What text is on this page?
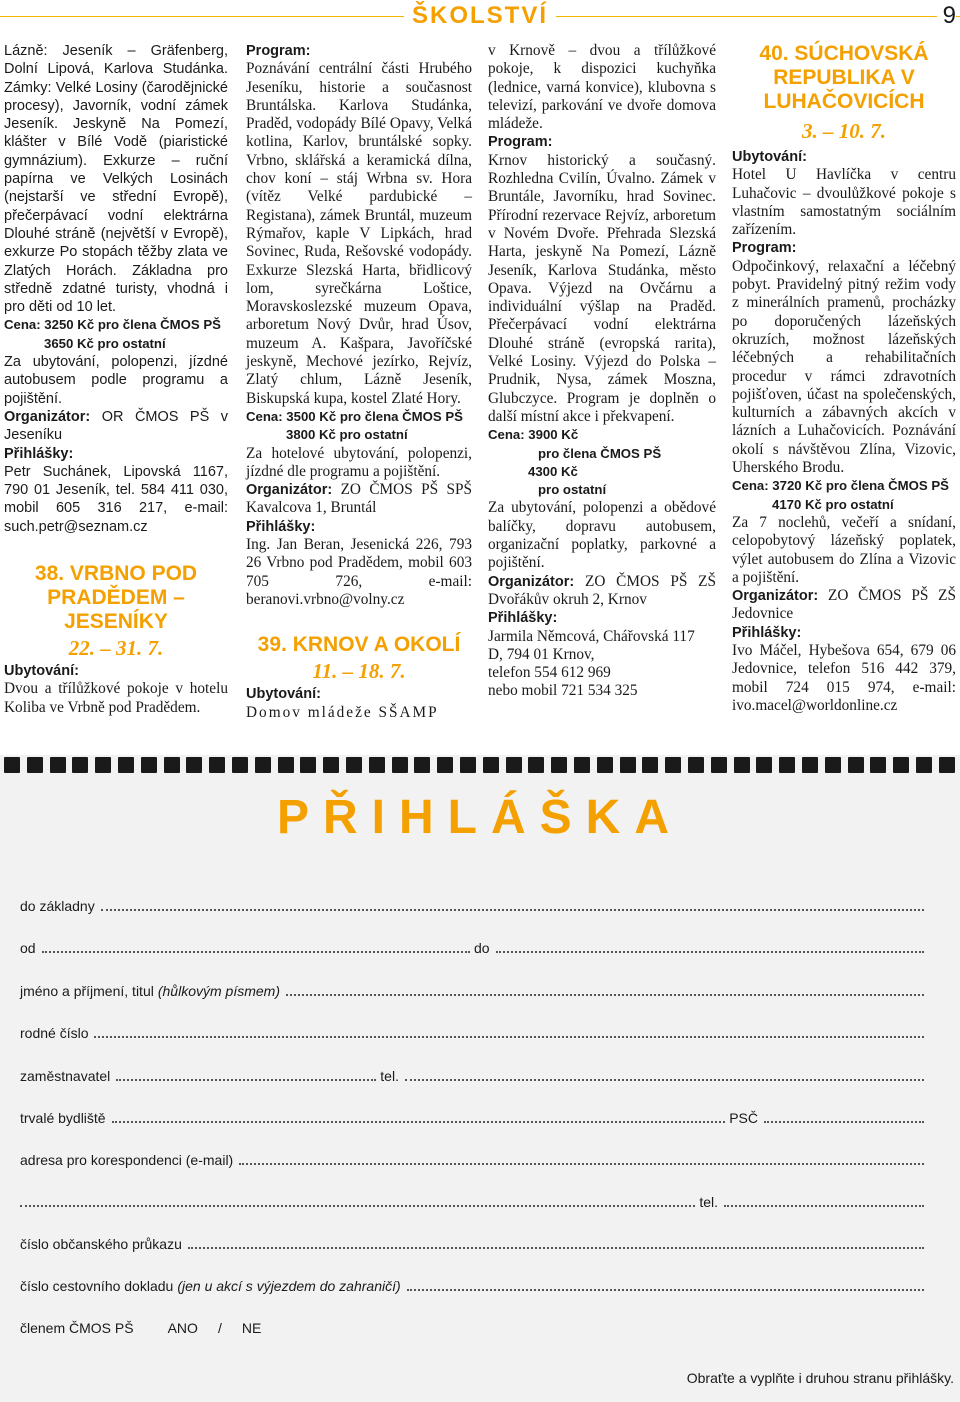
ŠKOLSTVÍ	9

Lázně: Jeseník – Gräfenberg, Dolní Lipová, Karlova Studánka. Zámky: Velké Losiny (čarodějnické procesy), Javorník, vodní zámek Jeseník. Jeskyně Na Pomezí, klášter v Bílé Vodě (piaristické gymnázium). Exkurze – ruční papírna ve Velkých Losinách (nejstarší ve střední Evropě), přečerpávací vodní elektrárna Dlouhé stráně (největší v Evropě), exkurze Po stopách těžby zlata ve Zlatých Horách. Základna pro středně zdatné turisty, vhodná i pro děti od 10 let.

Cena: 3250 Kč pro člena ČMOS PŠ

3650 Kč pro ostatní

Za ubytování, polopenzi, jízdné autobusem podle programu a pojištění.

Organizátor: OR ČMOS PŠ v Jeseníku

Přihlášky:

Petr Suchánek, Lipovská 1167, 790 01 Jeseník, tel. 584 411 030, mobil 605 316 217, e-mail: such.petr@seznam.cz

38. VRBNO POD PRADĚDEM – JESENÍKY

22. – 31. 7.

Ubytování:

Dvou a třílůžkové pokoje v hotelu Koliba ve Vrbně pod Pradědem.

Program:

Poznávání centrální části Hrubého Jeseníku, historie a současnost Bruntálska. Karlova Studánka, Praděd, vodopády Bílé Opavy, Velká kotlina, Karlov, bruntálské sopky. Vrbno, sklářská a keramická dílna, chov koní – stáj Wrbna sv. Hora (vítěz Velké pardubické – Registana), zámek Bruntál, muzeum Rýmařov, kaple V Lipkách, hrad Sovinec, Ruda, Rešovské vodopády. Exkurze Slezská Harta, břidlicový lom, syrečkárna Loštice, Moravskoslezské muzeum Opava, arboretum Nový Dvůr, hrad Úsov, muzeum A. Kašpara, Javoříčské jeskyně, Mechové jezírko, Rejvíz, Zlatý chlum, Lázně Jeseník, Biskupská kupa, kostel Zlaté Hory.

Cena: 3500 Kč pro člena ČMOS PŠ

3800 Kč pro ostatní

Za hotelové ubytování, polopenzi, jízdné dle programu a pojištění.

Organizátor: ZO ČMOS PŠ SPŠ Kavalcova 1, Bruntál

Přihlášky:

Ing. Jan Beran, Jesenická 226, 793 26 Vrbno pod Pradědem, mobil 603 705 726, e-mail: beranovi.vrbno@volny.cz

39. KRNOV A OKOLÍ

11. – 18. 7.

Ubytování:

Domov mládeže SŠAMP

v Krnově – dvou a třílůžkové pokoje, k dispozici kuchyňka (lednice, varná konvice), klubovna s televizí, parkování ve dvoře domova mládeže.

Program:

Krnov historický a současný. Rozhledna Cvilín, Úvalno. Zámek v Bruntále, Javorníku, hrad Sovinec. Přírodní rezervace Rejvíz, arboretum v Novém Dvoře. Přehrada Slezská Harta, jeskyně Na Pomezí, Lázně Jeseník, Karlova Studánka, město Opava. Výjezd na Ovčárnu a individuální výšlap na Praděd. Přečerpávací vodní elektrárna Dlouhé stráně (evropská rarita), Velké Losiny. Výjezd do Polska – Prudnik, Nysa, zámek Moszna, Glubczyce. Program je doplněn o další místní akce i překvapení.

Cena: 3900 Kč

pro člena ČMOS PŠ

4300 Kč

pro ostatní

Za ubytování, polopenzi a obědové balíčky, dopravu autobusem, organizační poplatky, parkovné a pojištění.

Organizátor: ZO ČMOS PŠ ZŠ Dvořákův okruh 2, Krnov

Přihlášky:

Jarmila Němcová, Chářovská 117

D, 794 01 Krnov,

telefon 554 612 969

nebo mobil 721 534 325

40. SÚCHOVSKÁ REPUBLIKA V LUHAČOVICÍCH

3. – 10. 7.

Ubytování:

Hotel U Havlíčka v centru Luhačovic – dvoulůžkové pokoje s vlastním samostatným sociálním zařízením.

Program:

Odpočinkový, relaxační a léčebný pobyt. Pravidelný pitný režim vody z minerálních pramenů, procházky po doporučených lázeňských okruzích, možnost lázeňských léčebných a rehabilitačních procedur v rámci zdravotních pojišťoven, účast na společenských, kulturních a zábavných akcích v lázních a Luhačovicích. Poznávání okolí s návštěvou Zlína, Vizovic, Uherského Brodu.

Cena: 3720 Kč pro člena ČMOS PŠ

4170 Kč pro ostatní

Za 7 noclehů, večeří a snídaní, celopobytový lázeňský poplatek, výlet autobusem do Zlína a Vizovic a pojištění.

Organizátor: ZO ČMOS PŠ ZŠ Jedovnice

Přihlášky:

Ivo Máčel, Hybešova 654, 679 06 Jedovnice, telefon 516 442 379, mobil 724 015 974, e-mail: ivo.macel@worldonline.cz

PŘIHLÁŠKA
do základny
od	do
jméno a příjmení, titul (hůlkovým písmem)
rodné číslo
zaměstnavatel	tel.
trvalé bydliště	PSČ
adresa pro korespondenci (e-mail)
tel.
číslo občanského průkazu
číslo cestovního dokladu (jen u akcí s výjezdem do zahraničí)
členem ČMOS PŠ ANO / NE
Obraťte a vyplňte i druhou stranu přihlášky.
